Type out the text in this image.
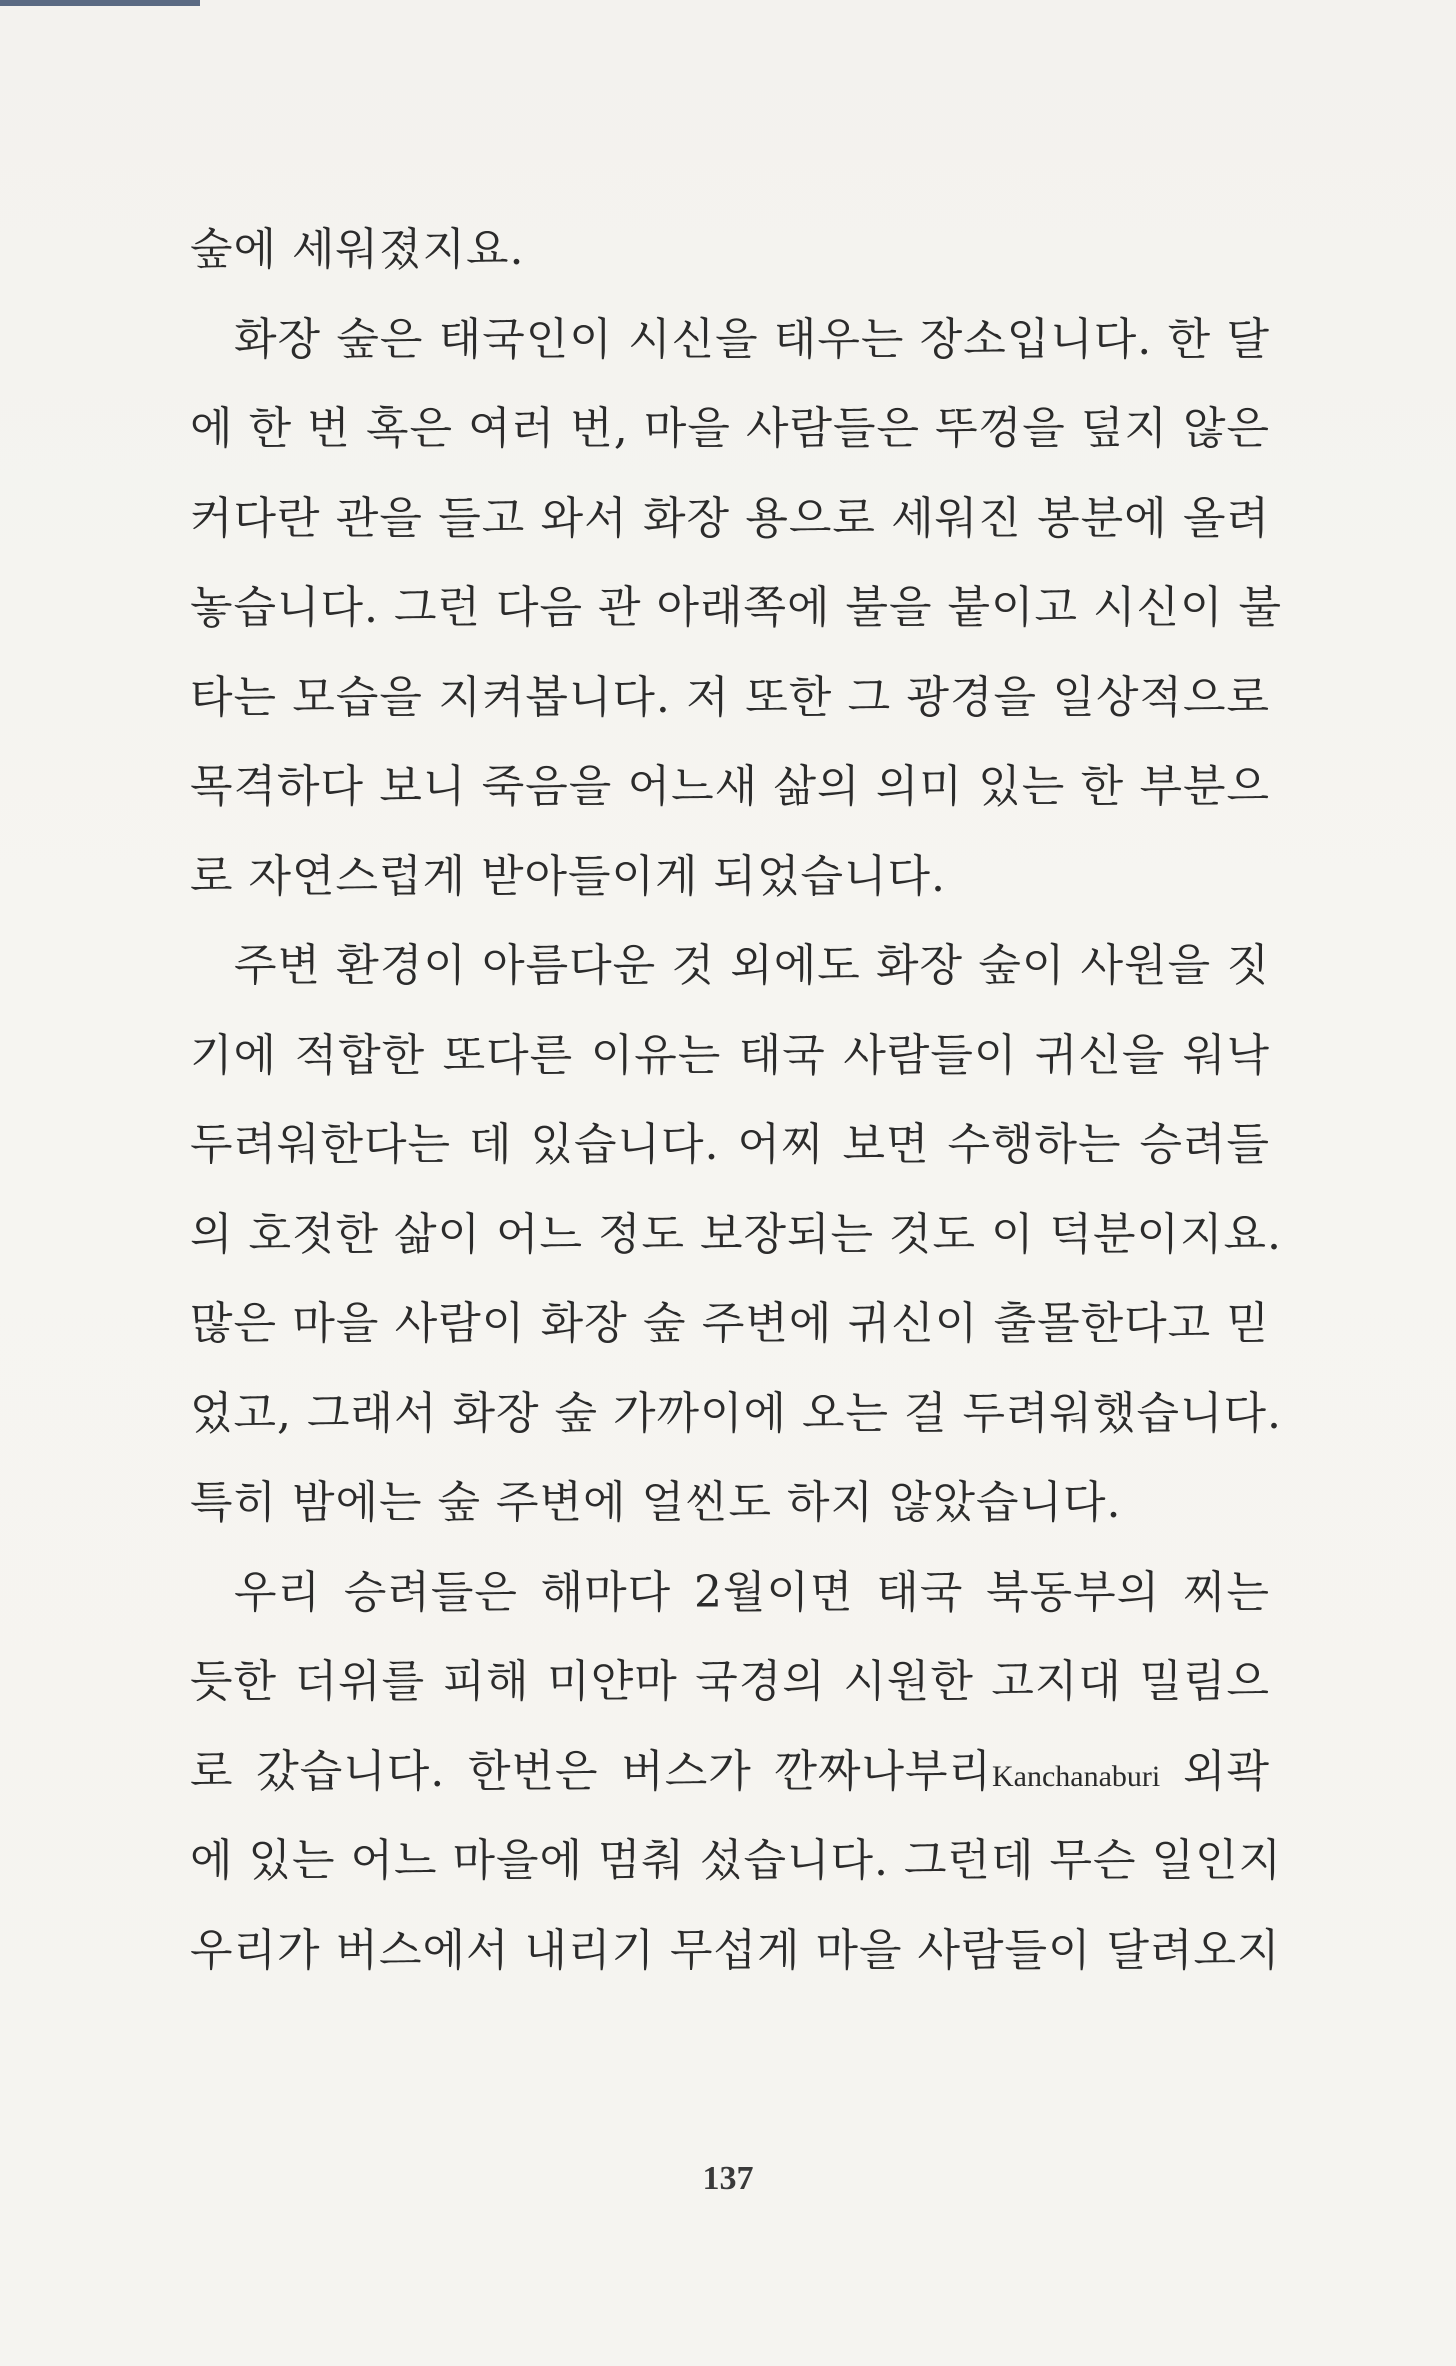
숲에 세워졌지요.
화장 숲은 태국인이 시신을 태우는 장소입니다. 한 달
에 한 번 혹은 여러 번, 마을 사람들은 뚜껑을 덮지 않은
커다란 관을 들고 와서 화장 용으로 세워진 봉분에 올려
놓습니다. 그런 다음 관 아래쪽에 불을 붙이고 시신이 불
타는 모습을 지켜봅니다. 저 또한 그 광경을 일상적으로
목격하다 보니 죽음을 어느새 삶의 의미 있는 한 부분으
로 자연스럽게 받아들이게 되었습니다.
주변 환경이 아름다운 것 외에도 화장 숲이 사원을 짓
기에 적합한 또다른 이유는 태국 사람들이 귀신을 워낙
두려워한다는 데 있습니다. 어찌 보면 수행하는 승려들
의 호젓한 삶이 어느 정도 보장되는 것도 이 덕분이지요.
많은 마을 사람이 화장 숲 주변에 귀신이 출몰한다고 믿
었고, 그래서 화장 숲 가까이에 오는 걸 두려워했습니다.
특히 밤에는 숲 주변에 얼씬도 하지 않았습니다.
우리 승려들은 해마다 2월이면 태국 북동부의 찌는
듯한 더위를 피해 미얀마 국경의 시원한 고지대 밀림으
로 갔습니다. 한번은 버스가 깐짜나부리Kanchanaburi 외곽
에 있는 어느 마을에 멈춰 섰습니다. 그런데 무슨 일인지
우리가 버스에서 내리기 무섭게 마을 사람들이 달려오지
137
